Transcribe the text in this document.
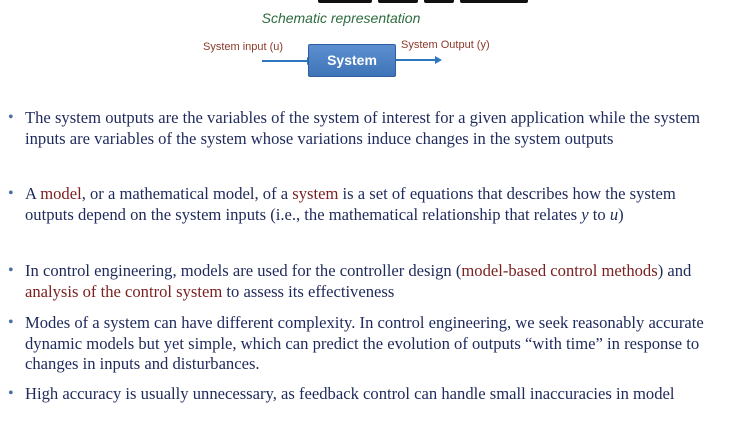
Schematic representation
System input (u)
System
System Output (y)
• The system outputs are the variables of the system of interest for a given application while the system inputs are variables of the system whose variations induce changes in the system outputs
• A model, or a mathematical model, of a system is a set of equations that describes how the system outputs depend on the system inputs (i.e., the mathematical relationship that relates y to u)
• In control engineering, models are used for the controller design (model-based control methods) and analysis of the control system to assess its effectiveness
• Modes of a system can have different complexity. In control engineering, we seek reasonably accurate dynamic models but yet simple, which can predict the evolution of outputs “with time” in response to changes in inputs and disturbances.
• High accuracy is usually unnecessary, as feedback control can handle small inaccuracies in model
